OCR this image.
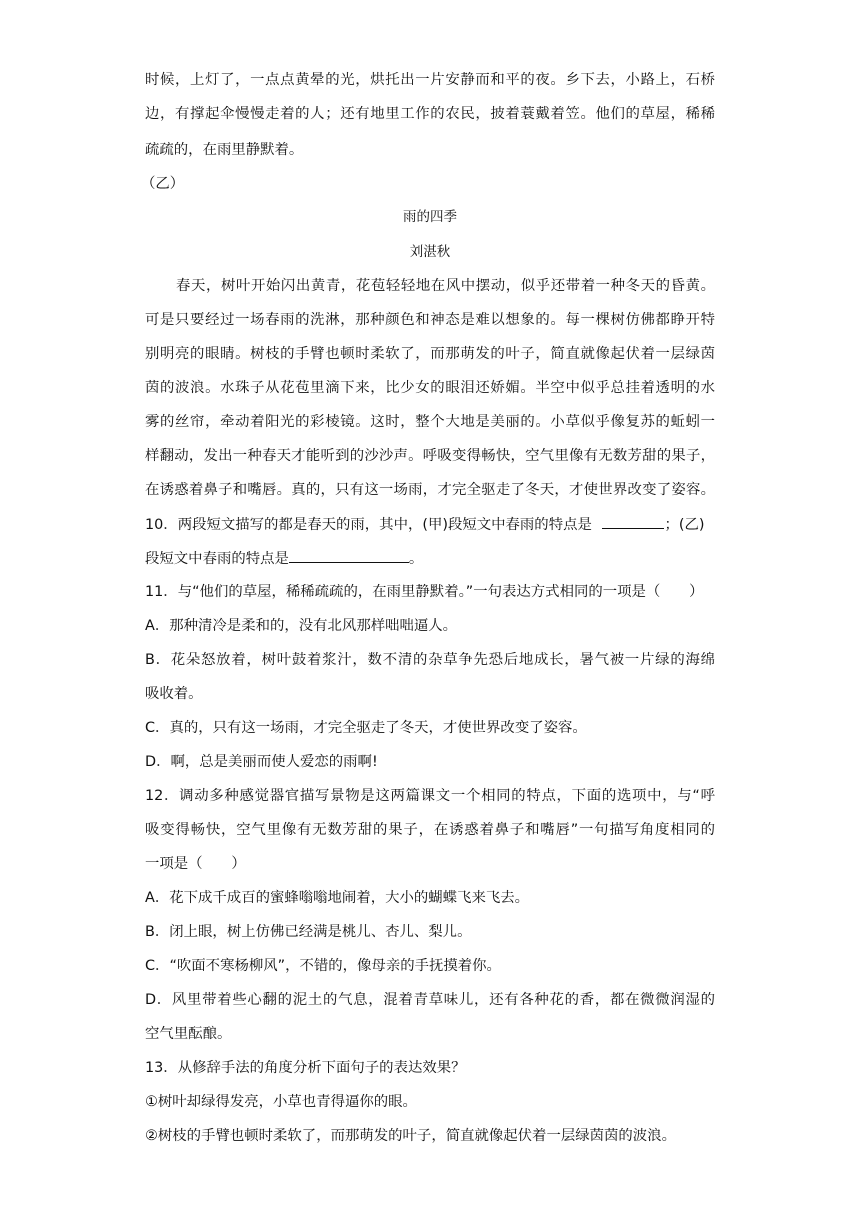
时候，上灯了，一点点黄晕的光，烘托出一片安静而和平的夜。乡下去，小路上，石桥
边，有撑起伞慢慢走着的人；还有地里工作的农民，披着蓑戴着笠。他们的草屋，稀稀
疏疏的，在雨里静默着。
（乙）
雨的四季
刘湛秋
春天，树叶开始闪出黄青，花苞轻轻地在风中摆动，似乎还带着一种冬天的昏黄。
可是只要经过一场春雨的洗淋，那种颜色和神态是难以想象的。每一棵树仿佛都睁开特
别明亮的眼睛。树枝的手臂也顿时柔软了，而那萌发的叶子，简直就像起伏着一层绿茵
茵的波浪。水珠子从花苞里滴下来，比少女的眼泪还娇媚。半空中似乎总挂着透明的水
雾的丝帘，牵动着阳光的彩棱镜。这时，整个大地是美丽的。小草似乎像复苏的蚯蚓一
样翻动，发出一种春天才能听到的沙沙声。呼吸变得畅快，空气里像有无数芳甜的果子，
在诱惑着鼻子和嘴唇。真的，只有这一场雨，才完全驱走了冬天，才使世界改变了姿容。
10．两段短文描写的都是春天的雨，其中，(甲)段短文中春雨的特点是	；(乙)
段短文中春雨的特点是	。
11．与“他们的草屋，稀稀疏疏的，在雨里静默着。”一句表达方式相同的一项是（　　）
A．那种清冷是柔和的，没有北风那样咄咄逼人。
B．花朵怒放着，树叶鼓着浆汁，数不清的杂草争先恐后地成长，暑气被一片绿的海绵
吸收着。
C．真的，只有这一场雨，才完全驱走了冬天，才使世界改变了姿容。
D．啊，总是美丽而使人爱恋的雨啊!
12．调动多种感觉器官描写景物是这两篇课文一个相同的特点，下面的选项中，与“呼
吸变得畅快，空气里像有无数芳甜的果子，在诱惑着鼻子和嘴唇”一句描写角度相同的
一项是（　　）
A．花下成千成百的蜜蜂嗡嗡地闹着，大小的蝴蝶飞来飞去。
B．闭上眼，树上仿佛已经满是桃儿、杏儿、梨儿。
C．“吹面不寒杨柳风”，不错的，像母亲的手抚摸着你。
D．风里带着些心翻的泥土的气息，混着青草味儿，还有各种花的香，都在微微润湿的
空气里酝酿。
13．从修辞手法的角度分析下面句子的表达效果？
①树叶却绿得发亮，小草也青得逼你的眼。
②树枝的手臂也顿时柔软了，而那萌发的叶子，简直就像起伏着一层绿茵茵的波浪。
